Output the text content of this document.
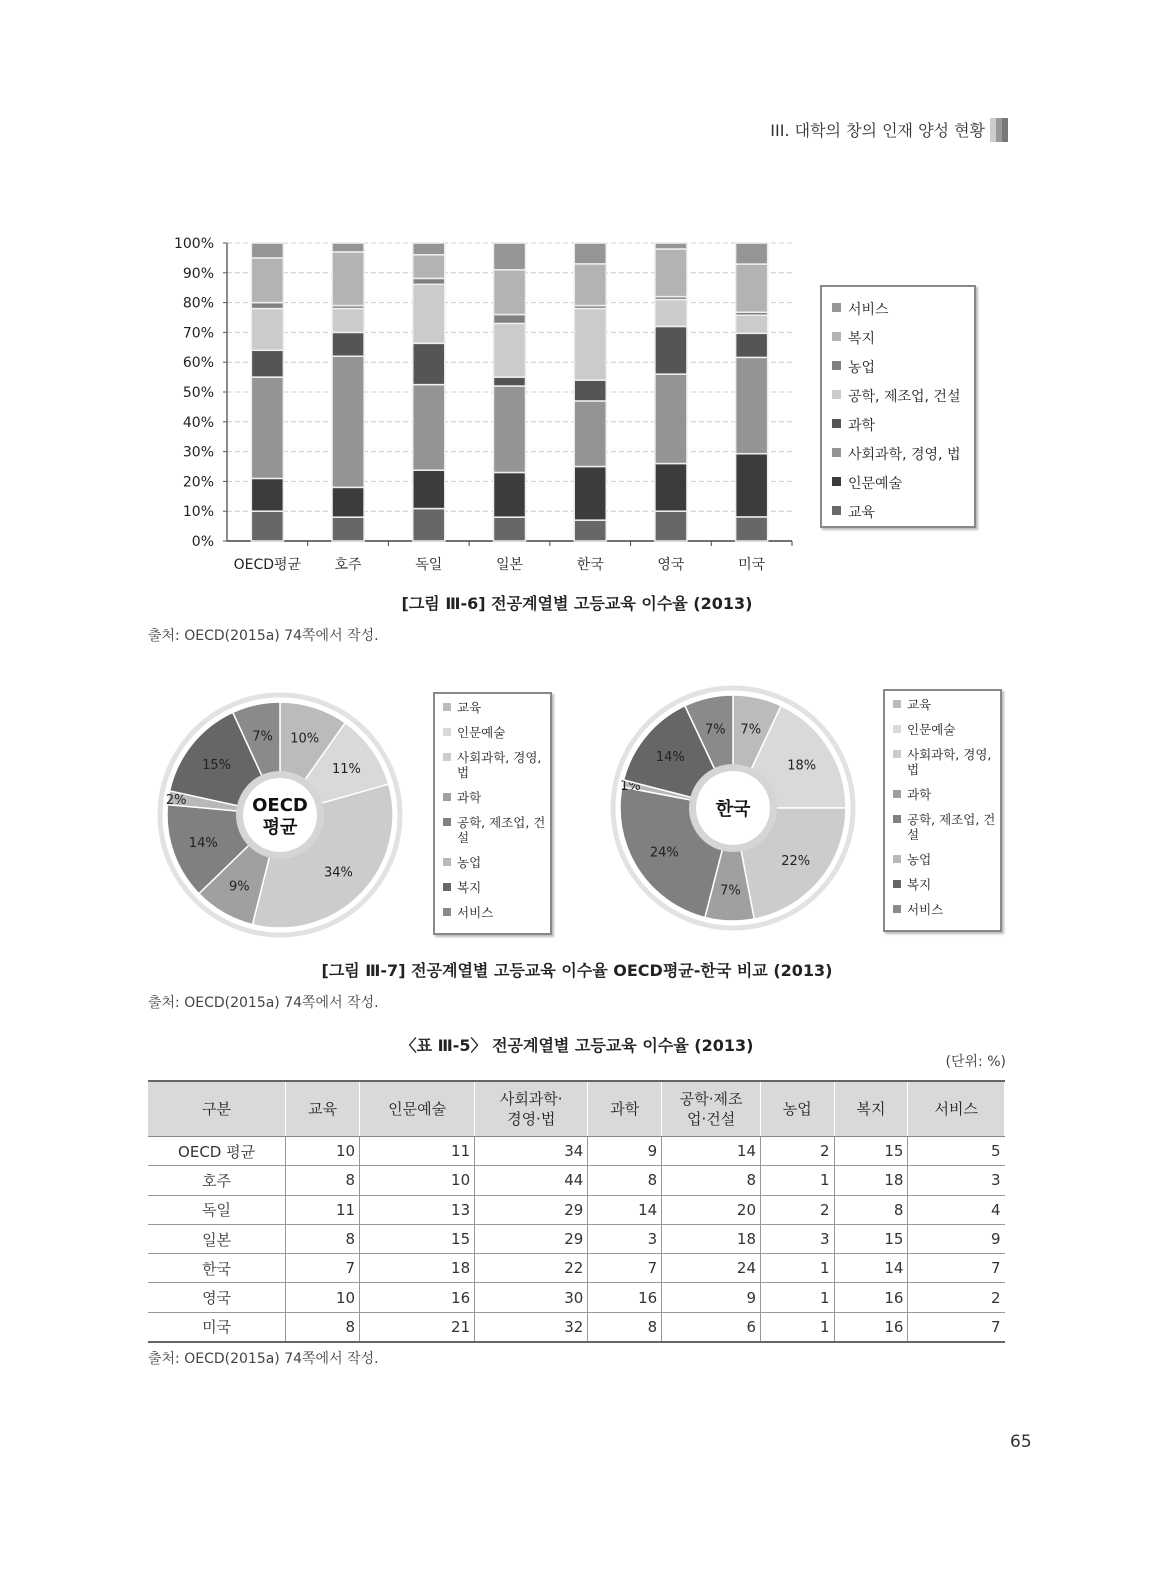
III. 대학의 창의 인재 양성 현황
0%
10%
20%
30%
40%
50%
60%
70%
80%
90%
100%
OECD평균 호주	독일	일본	한국	영국	미국
10%
11%
34%
9%
14%
2%
15%
7%
OECD
평균
7%
18%
22%
7%
24%
1%
14%
7%
한국
서비스
복지
농업
공학, 제조업, 건설
과학
사회과학, 경영, 법
인문예술
교육
[그림 Ⅲ-6] 전공계열별 고등교육 이수율 (2013)
출처: OECD(2015a) 74쪽에서 작성.
교육
인문예술
사회과학, 경영, 법
과학
공학, 제조업, 건설
농업
복지
서비스
교육
인문예술
사회과학, 경영, 법
과학
공학, 제조업, 건설
농업
복지
서비스
[그림 Ⅲ-7] 전공계열별 고등교육 이수율 OECD평균-한국 비교 (2013)
출처: OECD(2015a) 74쪽에서 작성.
〈표 Ⅲ-5〉 전공계열별 고등교육 이수율 (2013)
(단위: %)
구분	교육	인문예술	사회과학·
경영·법	과학	공학·제조
업·건설	농업	복지	서비스
OECD 평균	10	11	34	9	14	2	15	5
호주	8	10	44	8	8	1	18	3
독일	11	13	29	14	20	2	8	4
일본	8	15	29	3	18	3	15	9
한국	7	18	22	7	24	1	14	7
영국	10	16	30	16	9	1	16	2
미국	8	21	32	8	6	1	16	7
출처: OECD(2015a) 74쪽에서 작성.
65
